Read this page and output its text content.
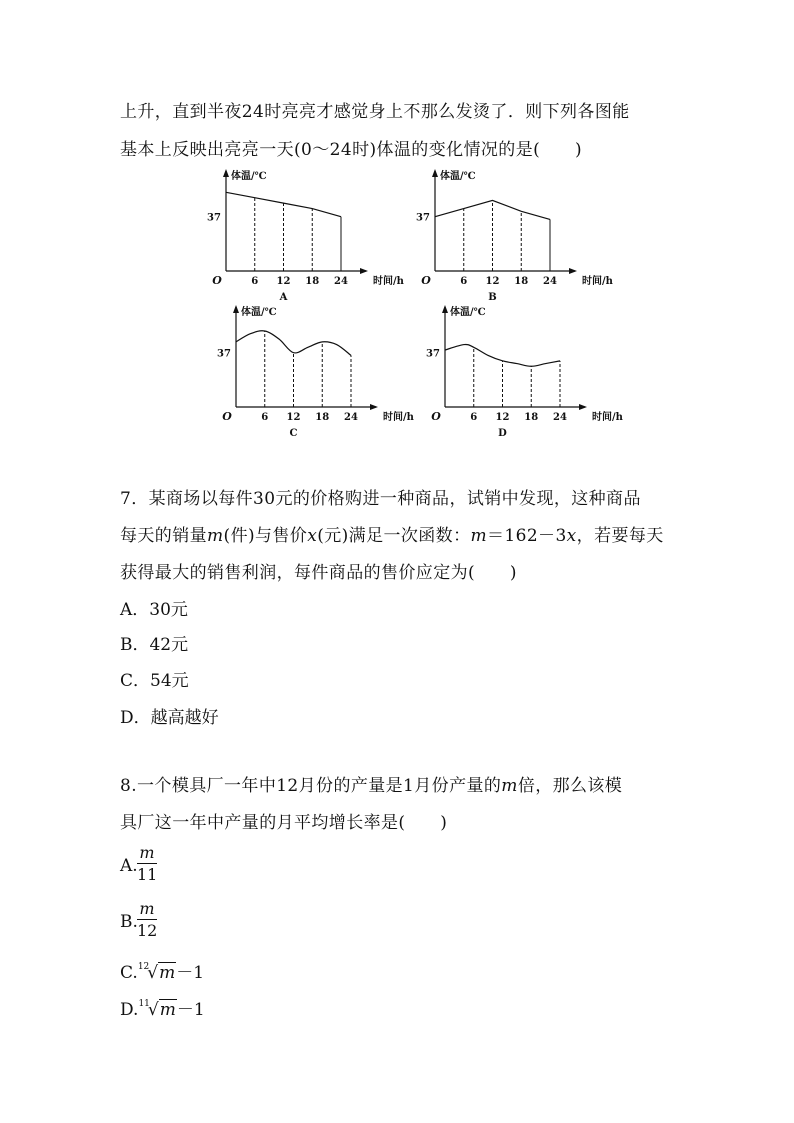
上升，直到半夜24时亮亮才感觉身上不那么发烫了．则下列各图能
基本上反映出亮亮一天(0～24时)体温的变化情况的是(　　)
体温/℃
时间/h
O
37
6 12 18 24
A
体温/℃
时间/h
O
37
6 12 18 24
B
体温/℃
时间/h
O
37
6 12 18 24
C
体温/℃
时间/h
O
37
6 12 18 24
D
7．某商场以每件30元的价格购进一种商品，试销中发现，这种商品
每天的销量m(件)与售价x(元)满足一次函数：m＝162－3x，若要每天
获得最大的销售利润，每件商品的售价应定为(　　)
A．30元
B．42元
C．54元
D．越高越好
8.一个模具厂一年中12月份的产量是1月份产量的m倍，那么该模
具厂这一年中产量的月平均增长率是(　　)
A.
m
11
B.
m
12
C.$^{12}$√m－1
D.$^{11}$√m－1
